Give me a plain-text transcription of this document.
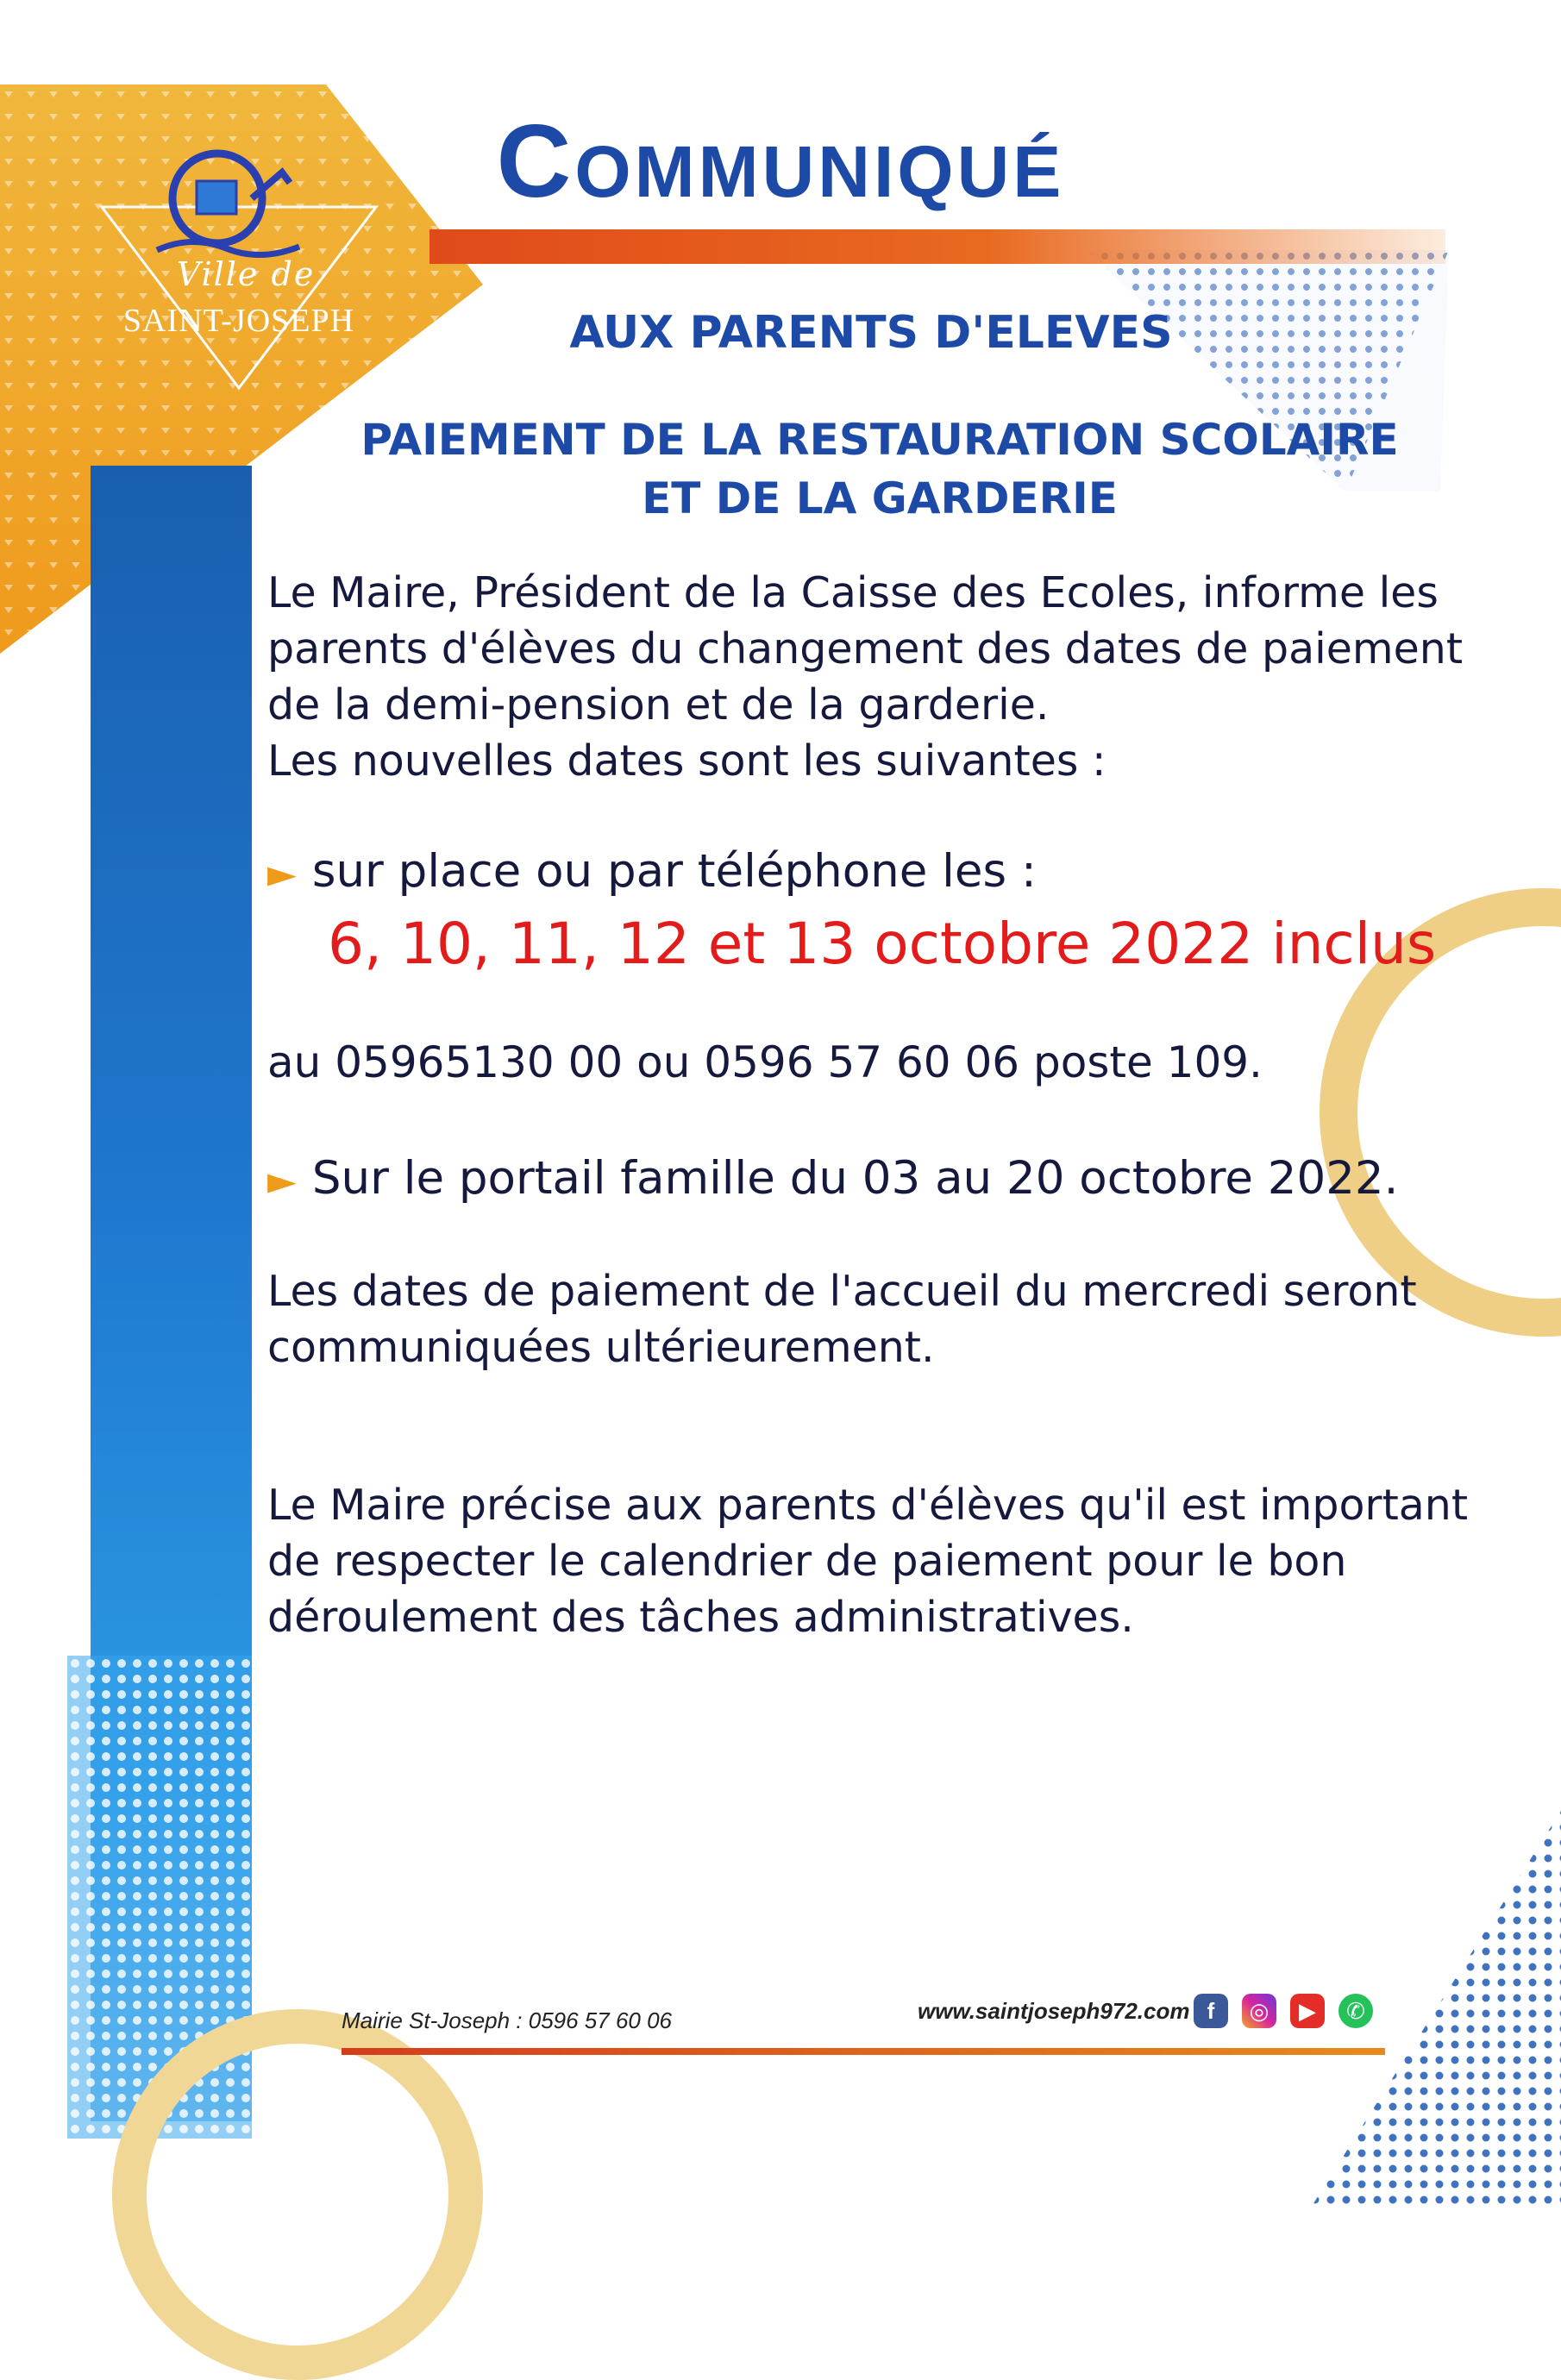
Ville de
SAINT-JOSEPH
Communiqué
AUX PARENTS D'ELEVES
PAIEMENT DE LA RESTAURATION SCOLAIRE
ET DE LA GARDERIE
Le Maire, Président de la Caisse des Ecoles, informe les
parents d'élèves du changement des dates de paiement
de la demi-pension et de la garderie.
Les nouvelles dates sont les suivantes :
► sur place ou par téléphone les :
6, 10, 11, 12 et 13 octobre 2022 inclus
au 05965130 00 ou 0596 57 60 06 poste 109.
► Sur le portail famille du 03 au 20 octobre 2022.
Les dates de paiement de l'accueil du mercredi seront
communiquées ultérieurement.
Le Maire précise aux parents d'élèves qu'il est important
de respecter le calendrier de paiement pour le bon
déroulement des tâches administratives.
Mairie St-Joseph : 0596 57 60 06	www.saintjoseph972.com f	◎	▶	✆
